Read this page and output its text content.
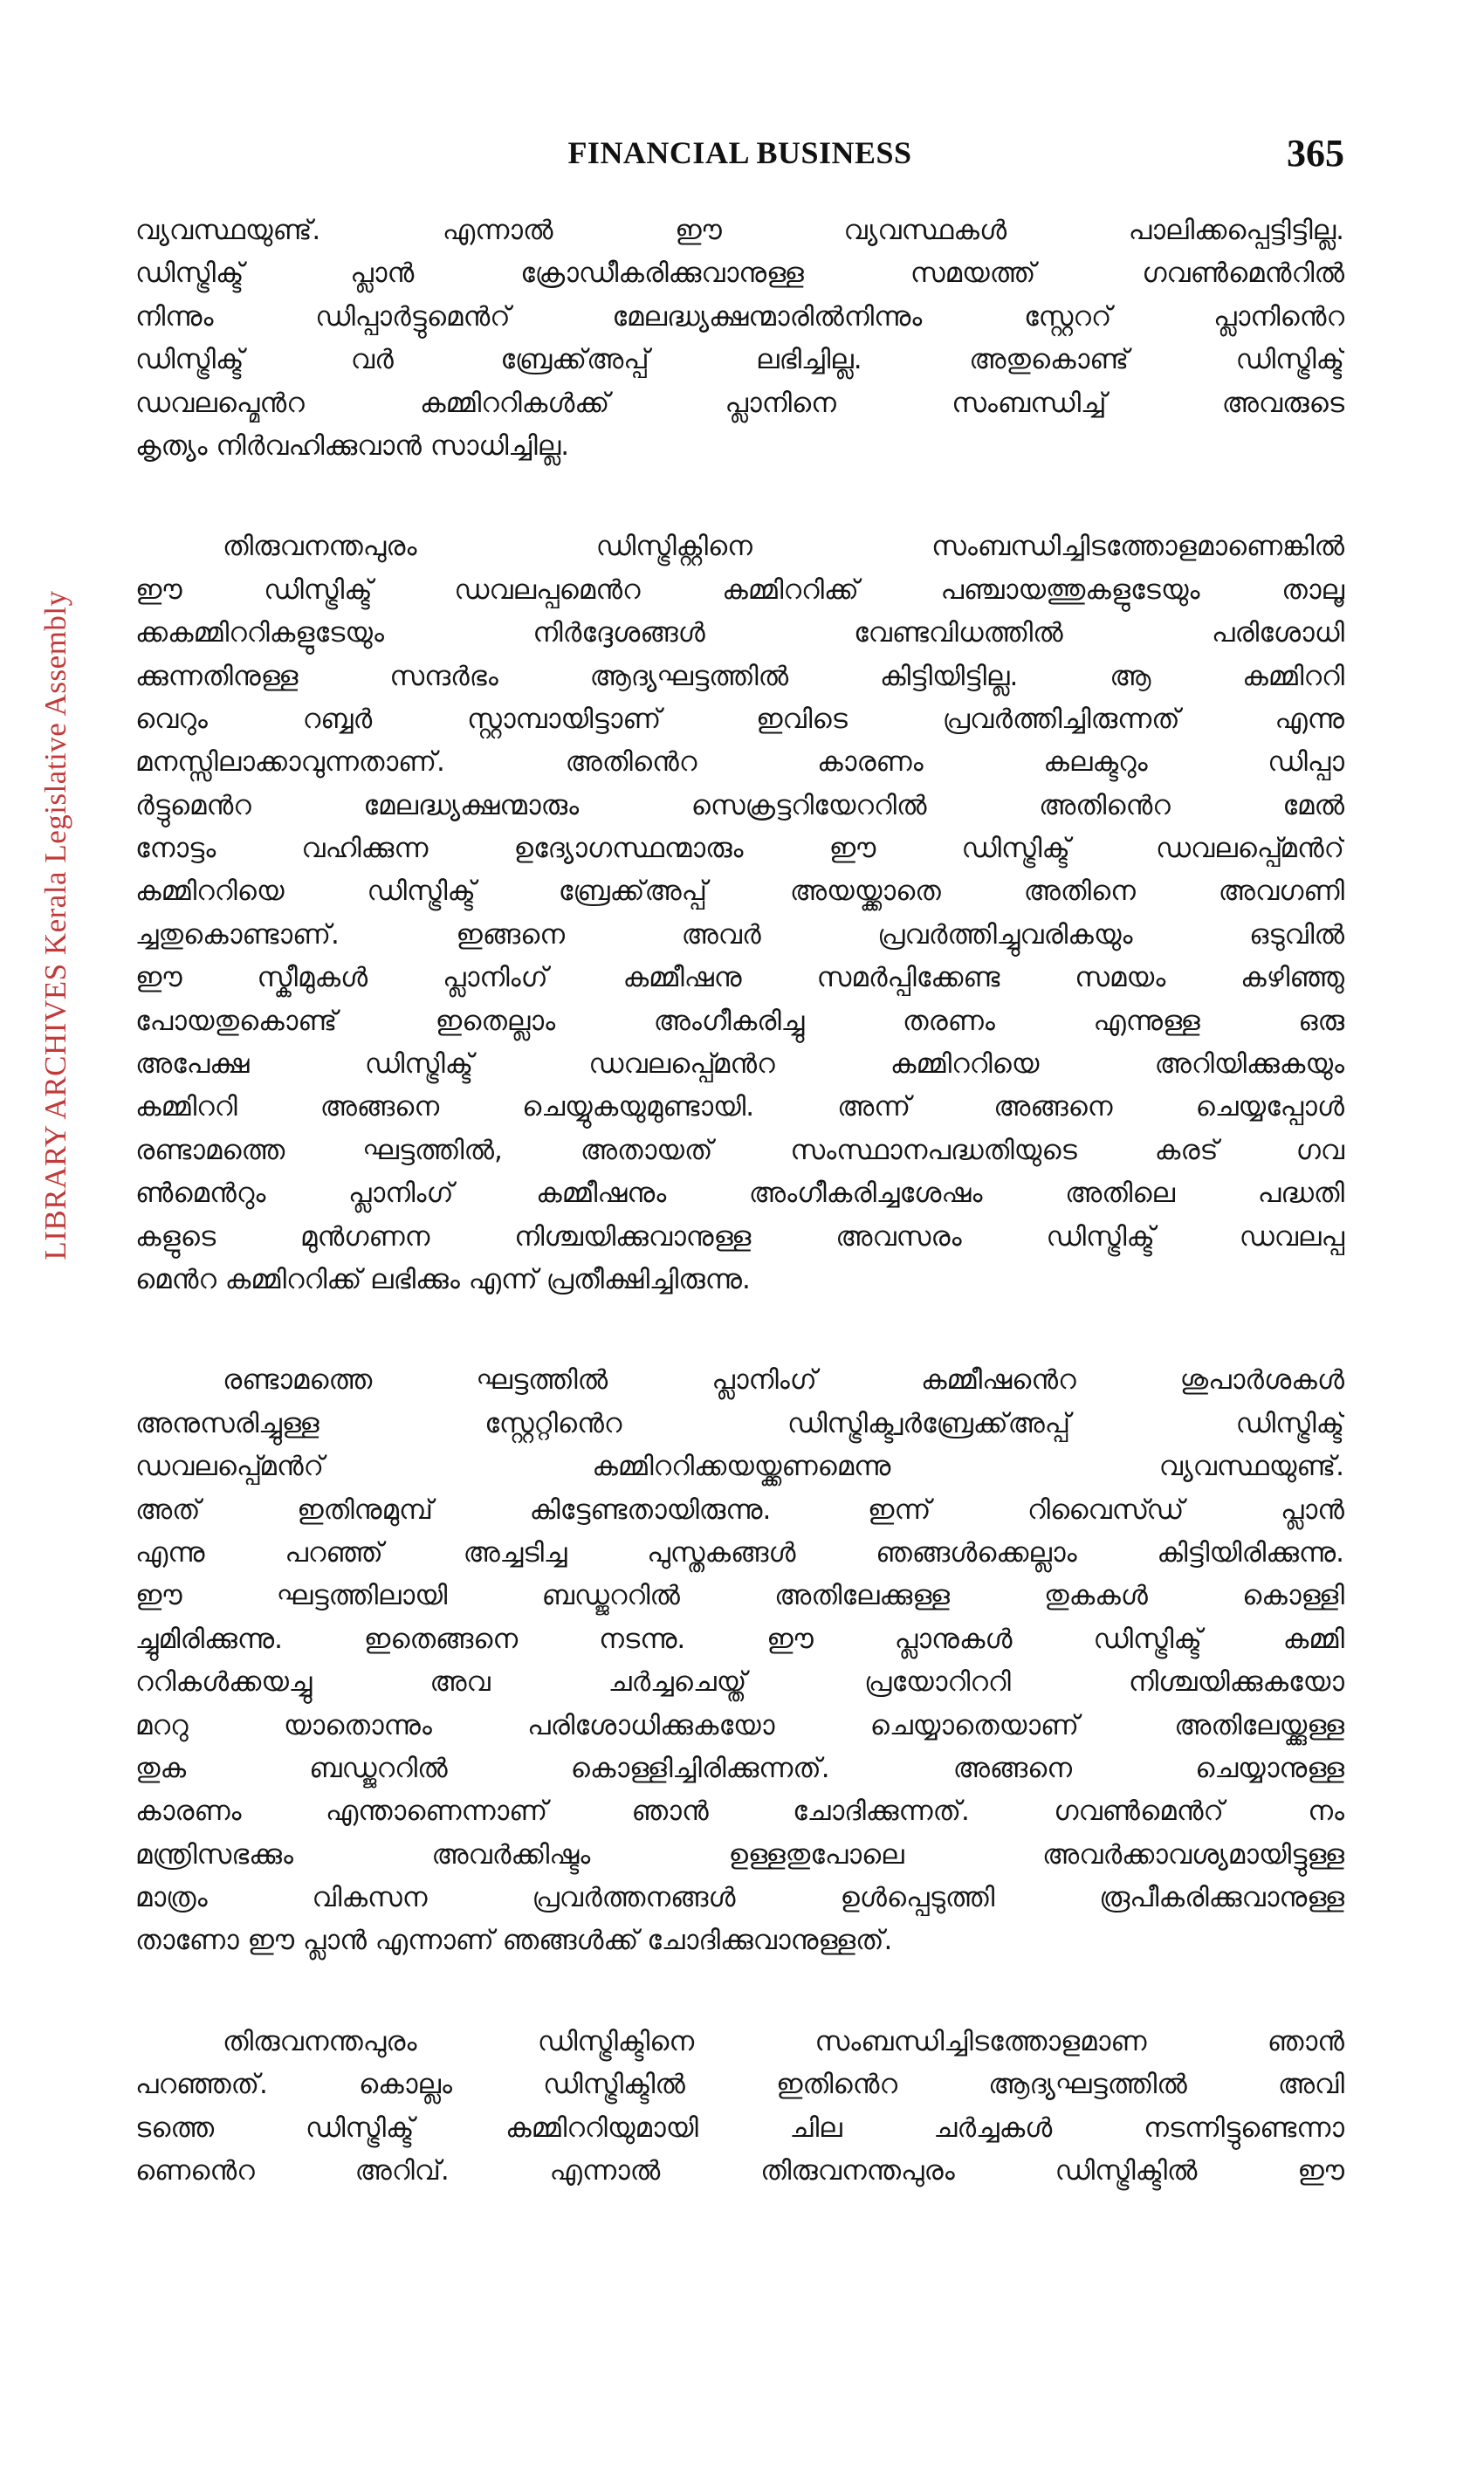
LIBRARY ARCHIVES Kerala Legislative Assembly
FINANCIAL BUSINESS	365
വ്യവസ്ഥയുണ്ട്. എന്നാൽ ഈ വ്യവസ്ഥകൾ പാലിക്കപ്പെട്ടിട്ടില്ല.
ഡിസ്ട്രിക്ട് പ്ലാൻ ക്രോഡീകരിക്കുവാനുള്ള സമയത്ത് ഗവൺമെൻറിൽ
നിന്നും ഡിപ്പാർട്ടുമെൻറ് മേലദ്ധ്യക്ഷന്മാരിൽനിന്നും സ്റ്റേററ് പ്ലാനിൻെറ
ഡിസ്ട്രിക്ട് വർ ബ്രേക്ക്അപ്പ് ലഭിച്ചില്ല. അതുകൊണ്ട് ഡിസ്ട്രിക്ട്
ഡവലപ്മെൻറ കമ്മിററികൾക്ക് പ്ലാനിനെ സംബന്ധിച്ച് അവരുടെ
കൃത്യം നിർവഹിക്കുവാൻ സാധിച്ചില്ല.
തിരുവനന്തപുരം ഡിസ്ട്രിക്റ്റിനെ സംബന്ധിച്ചിടത്തോളമാണെങ്കിൽ
ഈ ഡിസ്ട്രിക്ട് ഡവലപ്പമെൻറ കമ്മിററിക്ക് പഞ്ചായത്തുകളുടേയും താലൂ
ക്കകമ്മിററികളുടേയും നിർദ്ദേശങ്ങൾ വേണ്ടവിധത്തിൽ പരിശോധി
ക്കുന്നതിനുള്ള സന്ദർഭം ആദ്യഘട്ടത്തിൽ കിട്ടിയിട്ടില്ല. ആ കമ്മിററി
വെറും റബ്ബർ സ്റ്റാമ്പായിട്ടാണ് ഇവിടെ പ്രവർത്തിച്ചിരുന്നത് എന്നു
മനസ്സിലാക്കാവുന്നതാണ്. അതിൻെറ കാരണം കലക്ടറും ഡിപ്പാ
ർട്ടുമെൻറ മേലദ്ധ്യക്ഷന്മാരും സെക്രട്ടറിയേററിൽ അതിൻെറ മേൽ
നോട്ടം വഹിക്കുന്ന ഉദ്യോഗസ്ഥന്മാരും ഈ ഡിസ്ട്രിക്ട് ഡവലപ്പ്മെൻറ്
കമ്മിററിയെ ഡിസ്ട്രിക്ട് ബ്രേക്ക്അപ്പ് അയയ്ക്കാതെ അതിനെ അവഗണി
ച്ചതുകൊണ്ടാണ്. ഇങ്ങനെ അവർ പ്രവർത്തിച്ചുവരികയും ഒടുവിൽ
ഈ സ്കീമുകൾ പ്ലാനിംഗ് കമ്മീഷനു സമർപ്പിക്കേണ്ട സമയം കഴിഞ്ഞു
പോയതുകൊണ്ട് ഇതെല്ലാം അംഗീകരിച്ചു തരണം എന്നുള്ള ഒരു
അപേക്ഷ ഡിസ്ട്രിക്ട് ഡവലപ്പ്മെൻറ കമ്മിററിയെ അറിയിക്കുകയും
കമ്മിററി അങ്ങനെ ചെയ്യുകയുമുണ്ടായി. അന്ന് അങ്ങനെ ചെയ്യപ്പോൾ
രണ്ടാമത്തെ ഘട്ടത്തിൽ, അതായത് സംസ്ഥാനപദ്ധതിയുടെ കരട് ഗവ
ൺമെൻറും പ്ലാനിംഗ് കമ്മീഷനും അംഗീകരിച്ചശേഷം അതിലെ പദ്ധതി
കളുടെ മുൻഗണന നിശ്ചയിക്കുവാനുള്ള അവസരം ഡിസ്ട്രിക്ട് ഡവലപ്പ
മെൻറ കമ്മിററിക്ക് ലഭിക്കും എന്ന് പ്രതീക്ഷിച്ചിരുന്നു.
രണ്ടാമത്തെ ഘട്ടത്തിൽ പ്ലാനിംഗ് കമ്മീഷൻെറ ശുപാർശകൾ
അനുസരിച്ചുള്ള സ്റ്റേറ്റിൻെറ ഡിസ്ട്രിക്ട്വർബ്രേക്ക്അപ്പ് ഡിസ്ട്രിക്ട്
ഡവലപ്പ്മെൻറ് കമ്മിററിക്കയയ്ക്കണമെന്നു വ്യവസ്ഥയുണ്ട്.
അത് ഇതിനുമുമ്പ് കിട്ടേണ്ടതായിരുന്നു. ഇന്ന് റിവൈസ്ഡ് പ്ലാൻ
എന്നു പറഞ്ഞ് അച്ചടിച്ച പുസ്തകങ്ങൾ ഞങ്ങൾക്കെല്ലാം കിട്ടിയിരിക്കുന്നു.
ഈ ഘട്ടത്തിലായി ബഡ്ജററിൽ അതിലേക്കുള്ള തുകകൾ കൊള്ളി
ച്ചുമിരിക്കുന്നു. ഇതെങ്ങനെ നടന്നു. ഈ പ്ലാനുകൾ ഡിസ്ട്രിക്ട് കമ്മി
ററികൾക്കയച്ചു അവ ചർച്ചചെയ്ത് പ്രയോറിററി നിശ്ചയിക്കുകയോ
മററു യാതൊന്നും പരിശോധിക്കുകയോ ചെയ്യാതെയാണ് അതിലേയ്ക്കുള്ള
തുക ബഡ്ജററിൽ കൊള്ളിച്ചിരിക്കുന്നത്. അങ്ങനെ ചെയ്യാനുള്ള
കാരണം എന്താണെന്നാണ് ഞാൻ ചോദിക്കുന്നത്. ഗവൺമെൻറ് നം
മന്ത്രിസഭക്കും അവർക്കിഷ്ടം ഉള്ളതുപോലെ അവർക്കാവശ്യമായിട്ടുള്ള
മാത്രം വികസന പ്രവർത്തനങ്ങൾ ഉൾപ്പെടുത്തി രൂപീകരിക്കുവാനുള്ള
താണോ ഈ പ്ലാൻ എന്നാണ് ഞങ്ങൾക്ക് ചോദിക്കുവാനുള്ളത്.
തിരുവനന്തപുരം ഡിസ്ട്രിക്ടിനെ സംബന്ധിച്ചിടത്തോളമാണ ഞാൻ
പറഞ്ഞത്. കൊല്ലം ഡിസ്ട്രിക്ടിൽ ഇതിൻെറ ആദ്യഘട്ടത്തിൽ അവി
ടത്തെ ഡിസ്ട്രിക്ട് കമ്മിററിയുമായി ചില ചർച്ചകൾ നടന്നിട്ടുണ്ടെന്നാ
ണെൻെറ അറിവ്. എന്നാൽ തിരുവനന്തപുരം ഡിസ്ട്രിക്ടിൽ ഈ
